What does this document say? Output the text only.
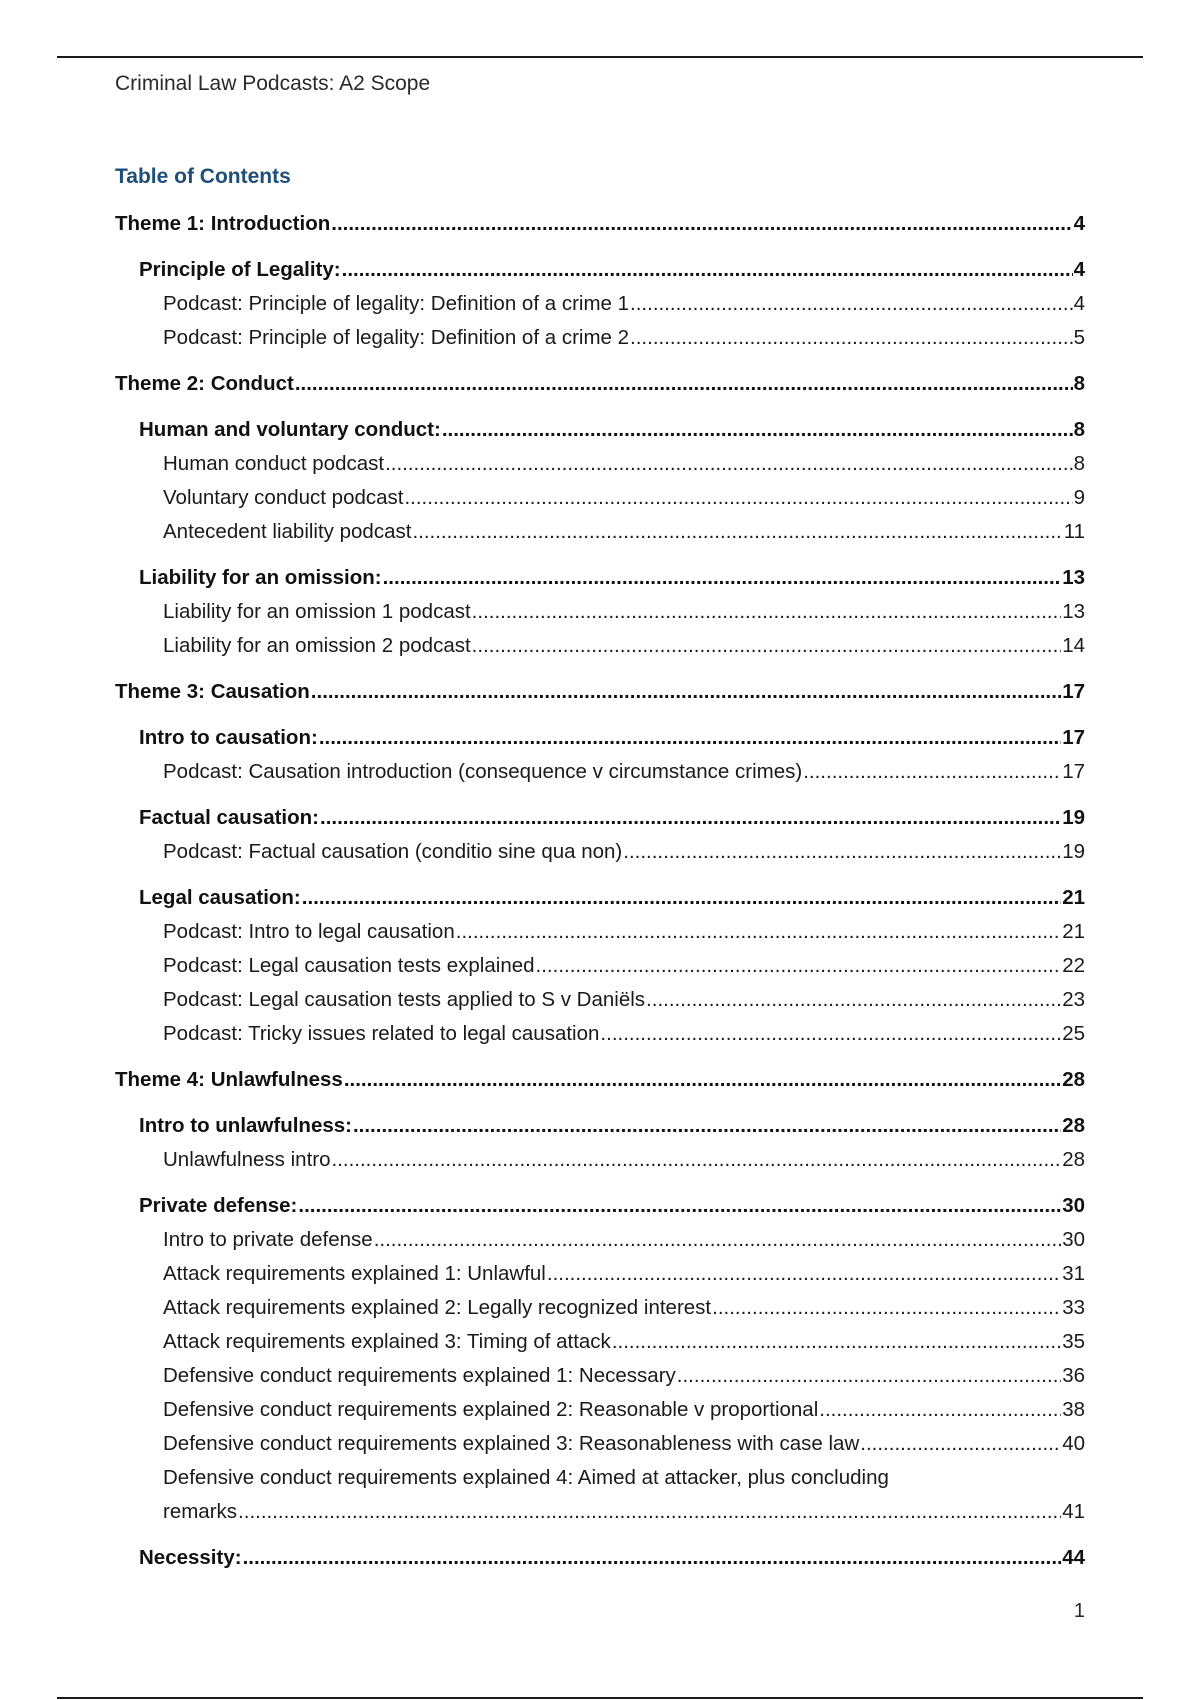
Criminal Law Podcasts: A2 Scope
Table of Contents
Theme 1: Introduction .....	4
Principle of Legality: .....	4
Podcast: Principle of legality: Definition of a crime 1 .....	4
Podcast: Principle of legality: Definition of a crime 2 .....	5
Theme 2: Conduct .....	8
Human and voluntary conduct: .....	8
Human conduct podcast .....	8
Voluntary conduct podcast .....	9
Antecedent liability podcast .....	11
Liability for an omission: .....	13
Liability for an omission 1 podcast .....	13
Liability for an omission 2 podcast .....	14
Theme 3: Causation .....	17
Intro to causation: .....	17
Podcast: Causation introduction (consequence v circumstance crimes) .....	17
Factual causation: .....	19
Podcast: Factual causation (conditio sine qua non) .....	19
Legal causation: .....	21
Podcast: Intro to legal causation .....	21
Podcast: Legal causation tests explained .....	22
Podcast: Legal causation tests applied to S v Daniëls .....	23
Podcast: Tricky issues related to legal causation .....	25
Theme 4: Unlawfulness .....	28
Intro to unlawfulness: .....	28
Unlawfulness intro .....	28
Private defense: .....	30
Intro to private defense .....	30
Attack requirements explained 1: Unlawful .....	31
Attack requirements explained 2: Legally recognized interest .....	33
Attack requirements explained 3: Timing of attack .....	35
Defensive conduct requirements explained 1: Necessary .....	36
Defensive conduct requirements explained 2: Reasonable v proportional .....	38
Defensive conduct requirements explained 3: Reasonableness with case law .....	40
Defensive conduct requirements explained 4: Aimed at attacker, plus concluding
remarks .....	41
Necessity: .....	44
1
